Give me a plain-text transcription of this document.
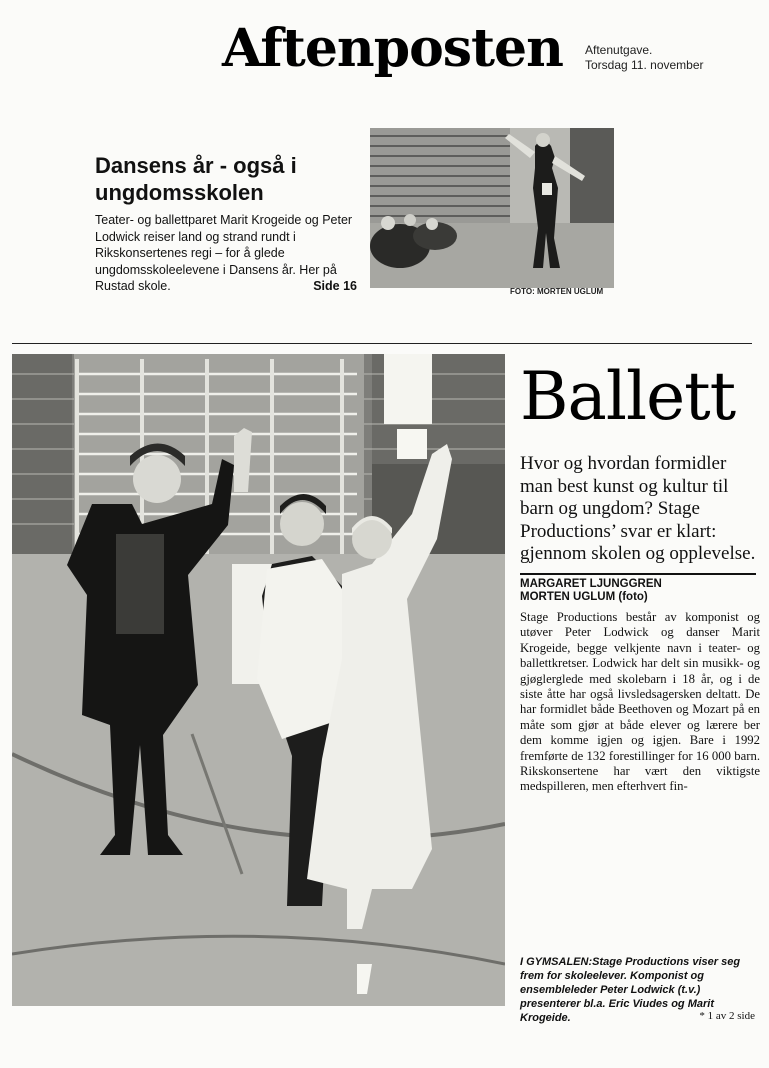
Aftenposten Aftenutgave.
Torsdag 11. november
Dansens år - også i ungdomsskolen
Teater- og ballettparet Marit Krogeide og Peter Lodwick reiser land og strand rundt i Rikskonsertenes regi – for å glede ungdomsskoleelevene i Dansens år. Her på Rustad skole.	Side 16	FOTO: MORTEN UGLUM
Ballett
Hvor og hvordan formidler man best kunst og kultur til barn og ungdom? Stage Productions’ svar er klart: gjennom skolen og opplevelse.
MARGARET LJUNGGREN
MORTEN UGLUM (foto)
Stage Productions består av komponist og utøver Peter Lodwick og danser Marit Krogeide, begge velkjente navn i teater- og ballettkretser. Lodwick har delt sin musikk- og gjøglerglede med skolebarn i 18 år, og i de siste åtte har også livsledsagersken deltatt. De har formidlet både Beethoven og Mozart på en måte som gjør at både elever og lærere ber dem komme igjen og igjen. Bare i 1992 fremførte de 132 forestillinger for 16 000 barn. Rikskonsertene har vært den viktigste medspilleren, men efterhvert fin-
I GYMSALEN:Stage Productions viser seg frem for skoleelever. Komponist og ensembleleder Peter Lodwick (t.v.) presenterer bl.a. Eric Viudes og Marit Krogeide.	* 1 av 2 side
